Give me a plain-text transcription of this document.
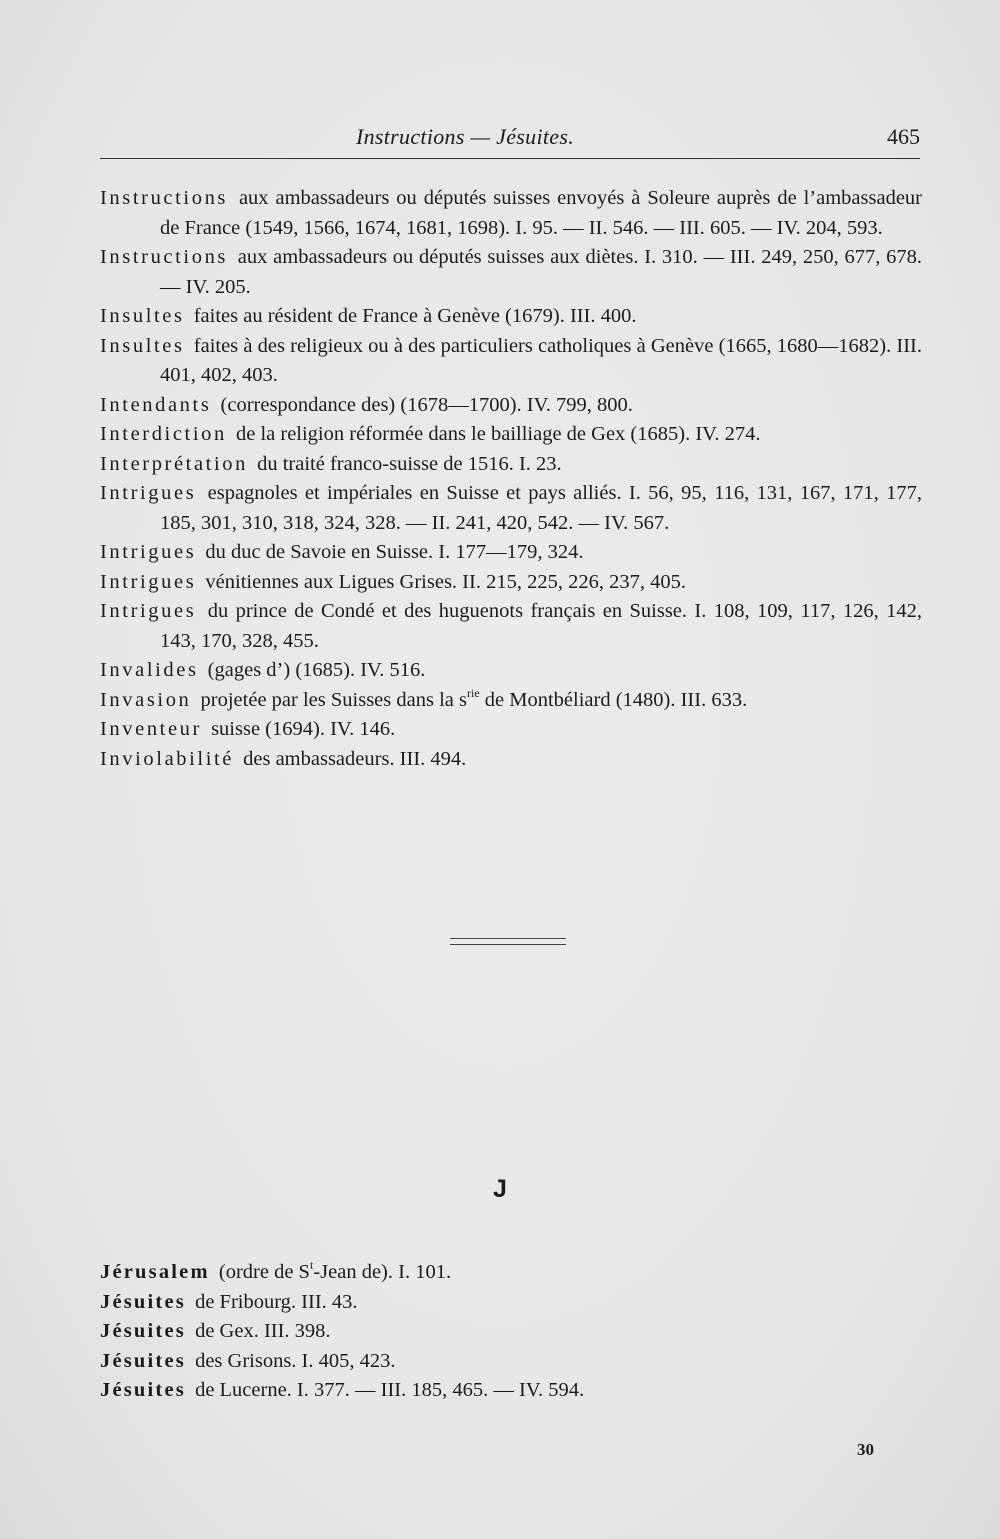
Instructions — Jésuites.	465
Instructions aux ambassadeurs ou députés suisses envoyés à Soleure auprès de l’ambassadeur de France (1549, 1566, 1674, 1681, 1698). I. 95. — II. 546. — III. 605. — IV. 204, 593.
Instructions aux ambassadeurs ou députés suisses aux diètes. I. 310. — III. 249, 250, 677, 678. — IV. 205.
Insultes faites au résident de France à Genève (1679). III. 400.
Insultes faites à des religieux ou à des particuliers catholiques à Genève (1665, 1680—1682). III. 401, 402, 403.
Intendants (correspondance des) (1678—1700). IV. 799, 800.
Interdiction de la religion réformée dans le bailliage de Gex (1685). IV. 274.
Interprétation du traité franco-suisse de 1516. I. 23.
Intrigues espagnoles et impériales en Suisse et pays alliés. I. 56, 95, 116, 131, 167, 171, 177, 185, 301, 310, 318, 324, 328. — II. 241, 420, 542. — IV. 567.
Intrigues du duc de Savoie en Suisse. I. 177—179, 324.
Intrigues vénitiennes aux Ligues Grises. II. 215, 225, 226, 237, 405.
Intrigues du prince de Condé et des huguenots français en Suisse. I. 108, 109, 117, 126, 142, 143, 170, 328, 455.
Invalides (gages d’) (1685). IV. 516.
Invasion projetée par les Suisses dans la $s^{rie}$ de Montbéliard (1480). III. 633.
Inventeur suisse (1694). IV. 146.
Inviolabilité des ambassadeurs. III. 494.
J
Jérusalem (ordre de $S^t$-Jean de). I. 101.
Jésuites de Fribourg. III. 43.
Jésuites de Gex. III. 398.
Jésuites des Grisons. I. 405, 423.
Jésuites de Lucerne. I. 377. — III. 185, 465. — IV. 594.
30
